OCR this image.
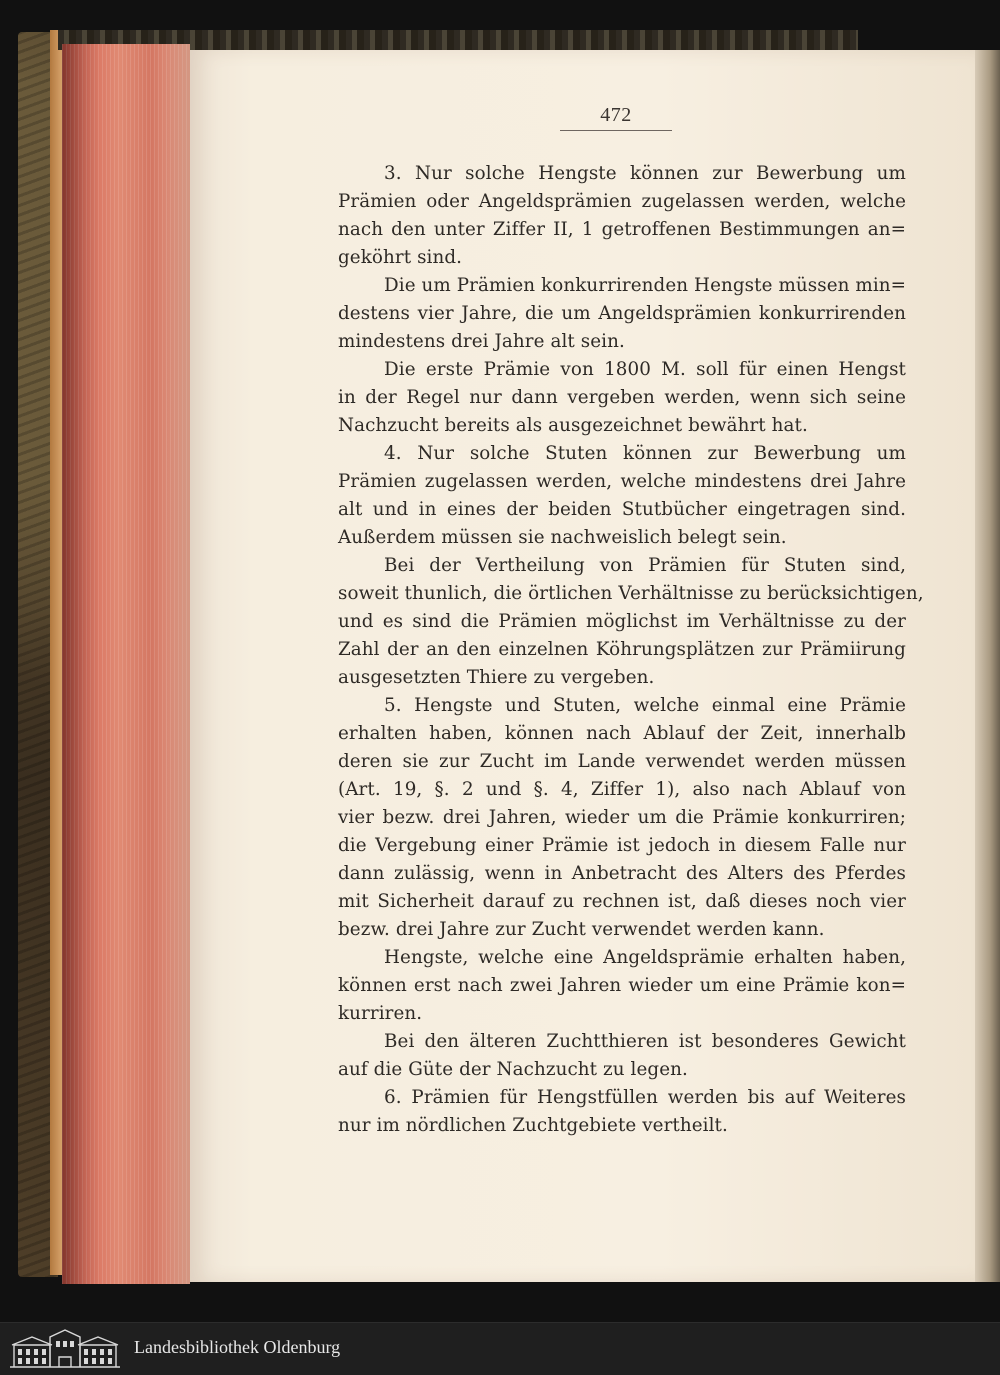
472
3. Nur solche Hengste können zur Bewerbung um
Prämien oder Angeldsprämien zugelassen werden, welche
nach den unter Ziffer II, 1 getroffenen Bestimmungen an=
geköhrt sind.
Die um Prämien konkurrirenden Hengste müssen min=
destens vier Jahre, die um Angeldsprämien konkurrirenden
mindestens drei Jahre alt sein.
Die erste Prämie von 1800 M. soll für einen Hengst
in der Regel nur dann vergeben werden, wenn sich seine
Nachzucht bereits als ausgezeichnet bewährt hat.
4. Nur solche Stuten können zur Bewerbung um
Prämien zugelassen werden, welche mindestens drei Jahre
alt und in eines der beiden Stutbücher eingetragen sind.
Außerdem müssen sie nachweislich belegt sein.
Bei der Vertheilung von Prämien für Stuten sind,
soweit thunlich, die örtlichen Verhältnisse zu berücksichtigen,
und es sind die Prämien möglichst im Verhältnisse zu der
Zahl der an den einzelnen Köhrungsplätzen zur Prämiirung
ausgesetzten Thiere zu vergeben.
5. Hengste und Stuten, welche einmal eine Prämie
erhalten haben, können nach Ablauf der Zeit, innerhalb
deren sie zur Zucht im Lande verwendet werden müssen
(Art. 19, §. 2 und §. 4, Ziffer 1), also nach Ablauf von
vier bezw. drei Jahren, wieder um die Prämie konkurriren;
die Vergebung einer Prämie ist jedoch in diesem Falle nur
dann zulässig, wenn in Anbetracht des Alters des Pferdes
mit Sicherheit darauf zu rechnen ist, daß dieses noch vier
bezw. drei Jahre zur Zucht verwendet werden kann.
Hengste, welche eine Angeldsprämie erhalten haben,
können erst nach zwei Jahren wieder um eine Prämie kon=
kurriren.
Bei den älteren Zuchtthieren ist besonderes Gewicht
auf die Güte der Nachzucht zu legen.
6. Prämien für Hengstfüllen werden bis auf Weiteres
nur im nördlichen Zuchtgebiete vertheilt.
Landesbibliothek Oldenburg
